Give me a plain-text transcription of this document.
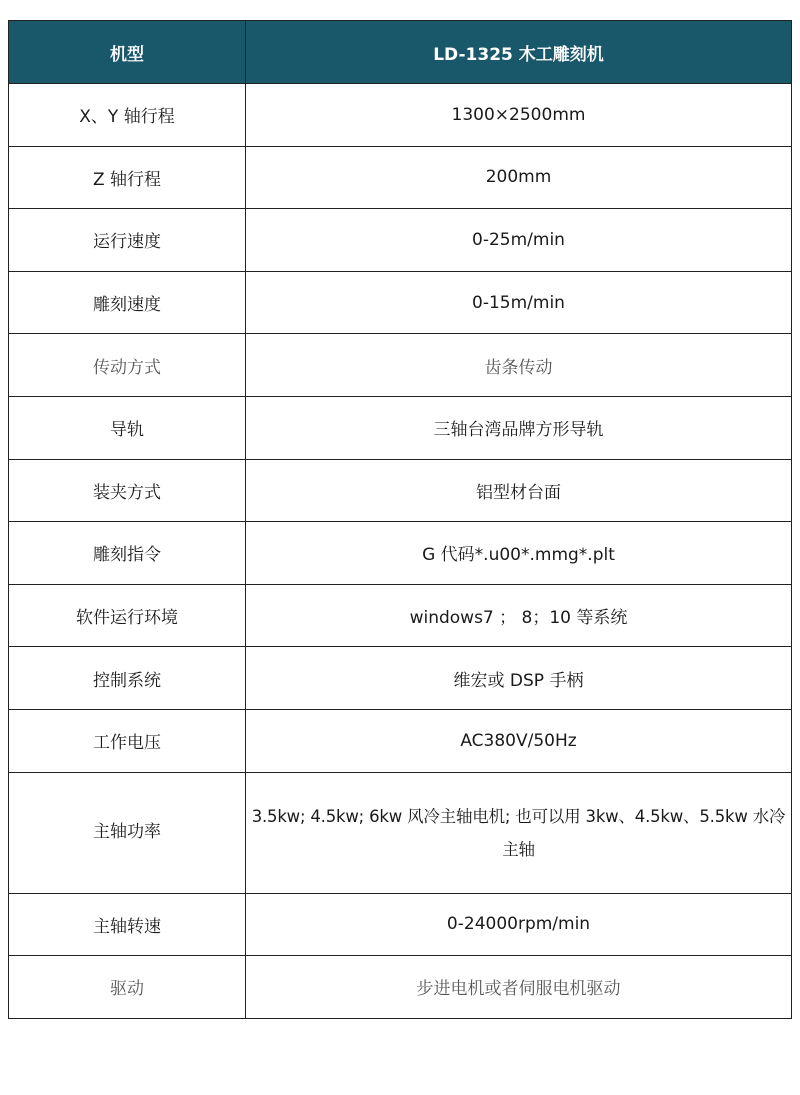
机型	LD-1325 木工雕刻机
X、Y 轴行程	1300×2500mm
Z 轴行程	200mm
运行速度	0-25m/min
雕刻速度	0-15m/min
传动方式	齿条传动
导轨	三轴台湾品牌方形导轨
装夹方式	铝型材台面
雕刻指令	G 代码*.u00*.mmg*.plt
软件运行环境	windows7 ； 8；10 等系统
控制系统	维宏或 DSP 手柄
工作电压	AC380V/50Hz
主轴功率	3.5kw; 4.5kw; 6kw 风冷主轴电机; 也可以用 3kw、4.5kw、5.5kw 水冷主轴
主轴转速	0-24000rpm/min
驱动	步进电机或者伺服电机驱动
